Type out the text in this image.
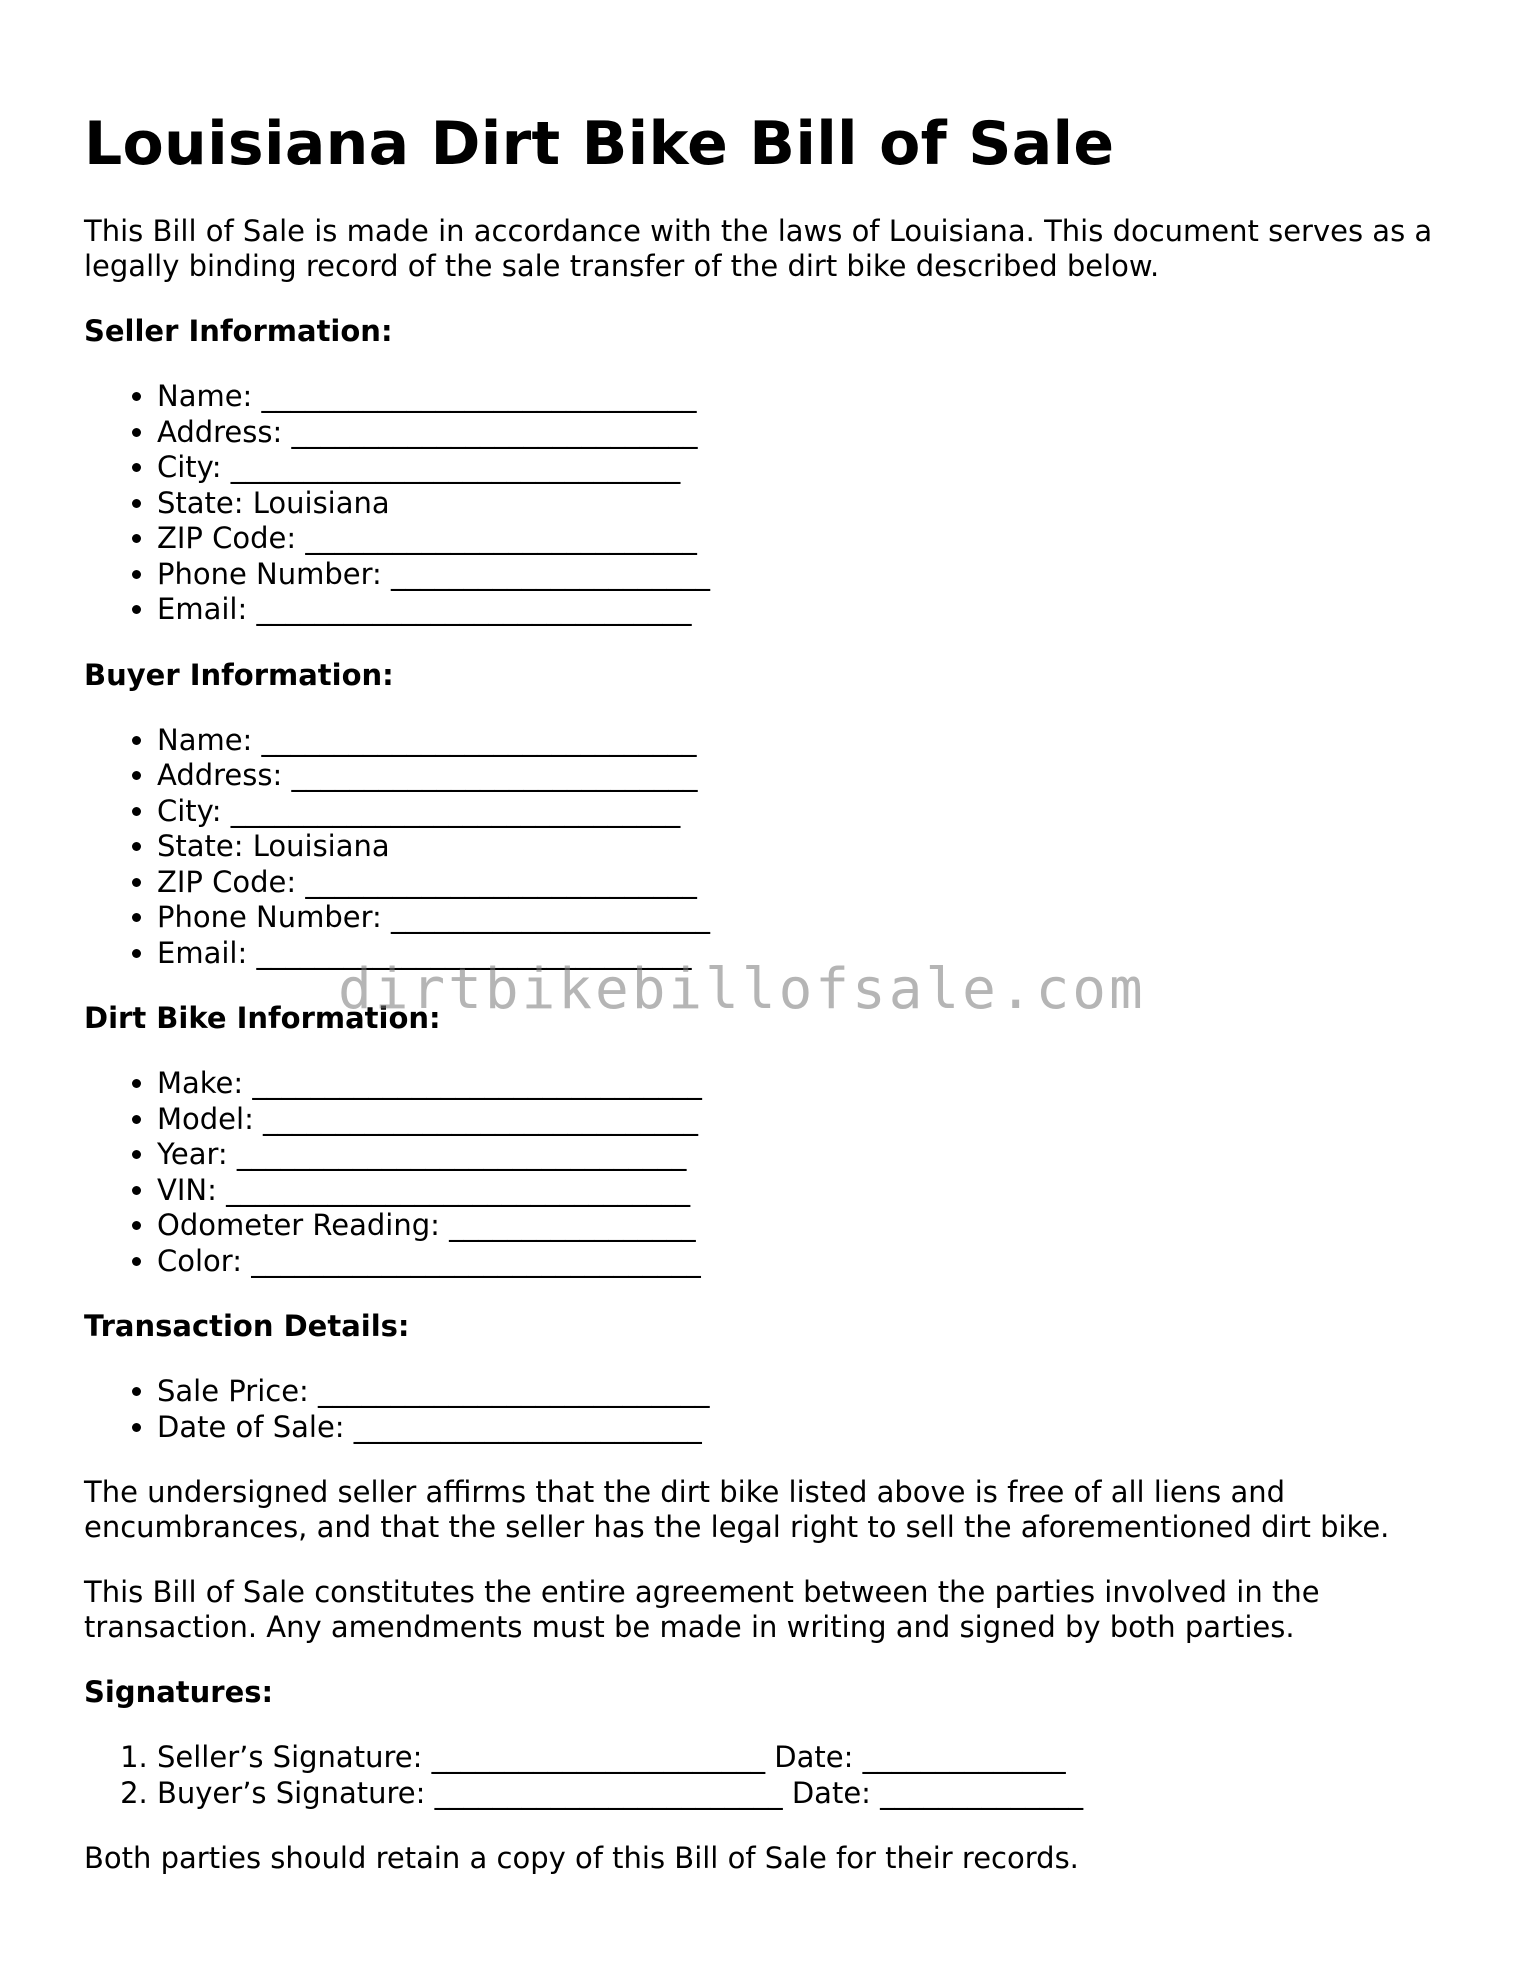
Louisiana Dirt Bike Bill of Sale

This Bill of Sale is made in accordance with the laws of Louisiana. This document serves as a legally binding record of the sale transfer of the dirt bike described below.

Seller Information:
• Name: ______________________________
• Address: ____________________________
• City: _______________________________
• State: Louisiana
• ZIP Code: ___________________________
• Phone Number: ______________________
• Email: ______________________________
Buyer Information:
• Name: ______________________________
• Address: ____________________________
• City: _______________________________
• State: Louisiana
• ZIP Code: ___________________________
• Phone Number: ______________________
• Email: ______________________________
Dirt Bike Information:
• Make: _______________________________
• Model: ______________________________
• Year: _______________________________
• VIN: ________________________________
• Odometer Reading: _________________
• Color: _______________________________
Transaction Details:
• Sale Price: ___________________________
• Date of Sale: ________________________

The undersigned seller affirms that the dirt bike listed above is free of all liens and encumbrances, and that the seller has the legal right to sell the aforementioned dirt bike.

This Bill of Sale constitutes the entire agreement between the parties involved in the transaction. Any amendments must be made in writing and signed by both parties.

Signatures:
1. Seller’s Signature: _______________________ Date: ______________
2. Buyer’s Signature: ________________________ Date: ______________

Both parties should retain a copy of this Bill of Sale for their records.

dirtbikebillofsale.com
